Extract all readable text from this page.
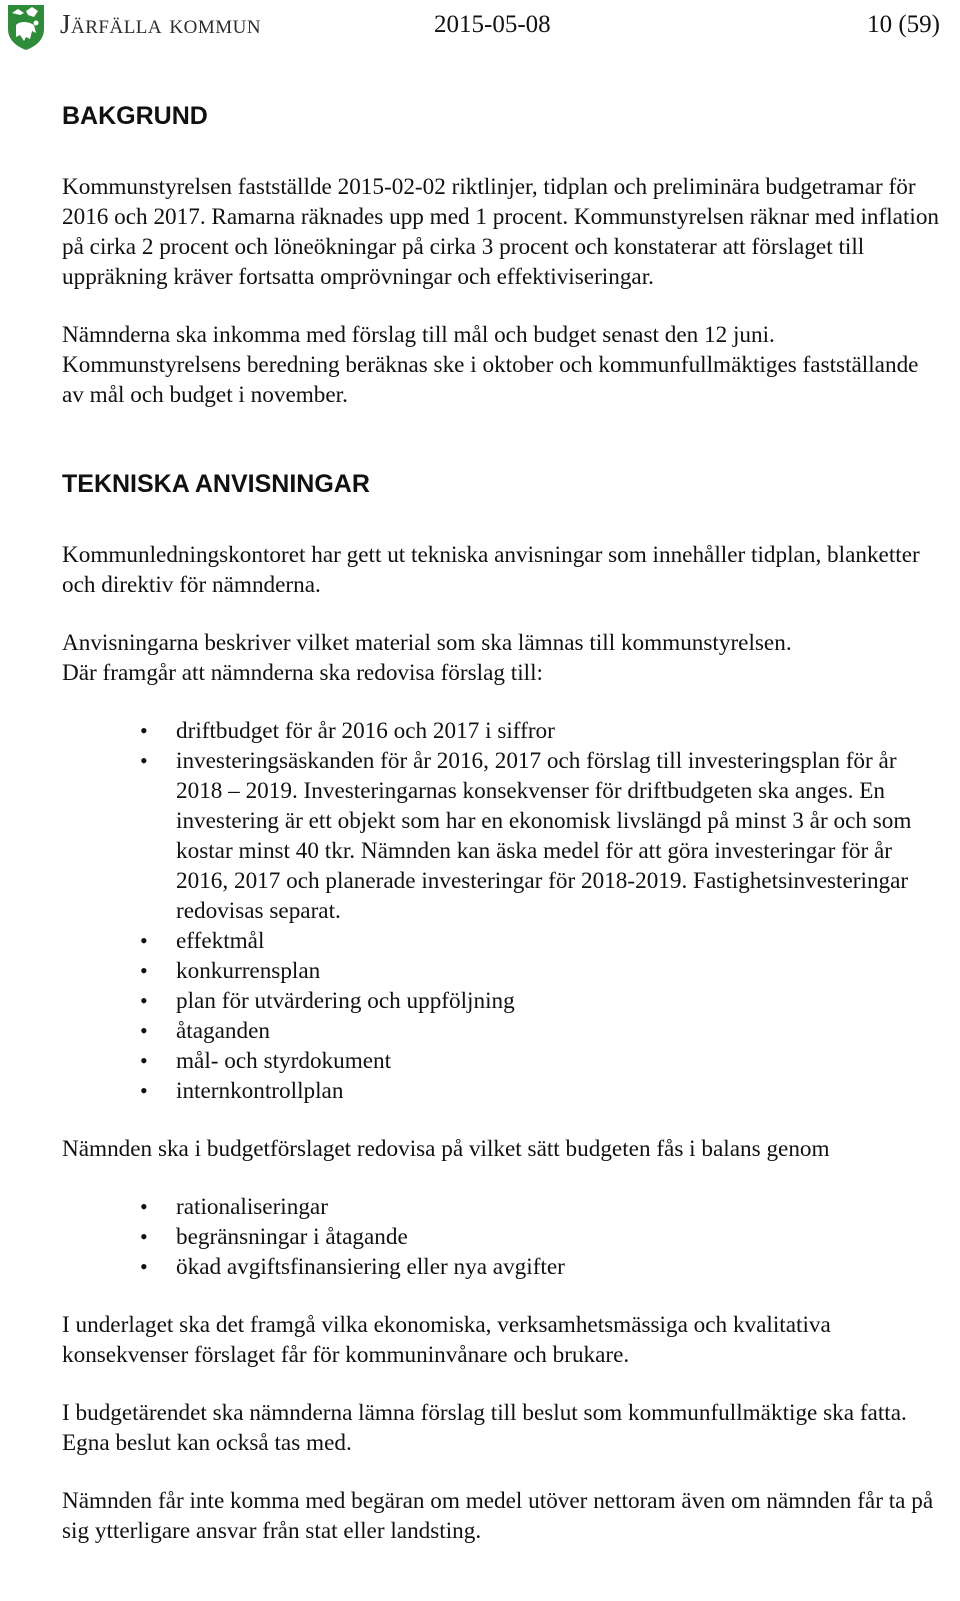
Järfälla kommun	2015-05-08	10 (59)
BAKGRUND

Kommunstyrelsen fastställde 2015-02-02 riktlinjer, tidplan och preliminära budgetramar för 2016 och 2017. Ramarna räknades upp med 1 procent. Kommunstyrelsen räknar med inflation på cirka 2 procent och löneökningar på cirka 3 procent och konstaterar att förslaget till uppräkning kräver fortsatta omprövningar och effektiviseringar.

Nämnderna ska inkomma med förslag till mål och budget senast den 12 juni. Kommunstyrelsens beredning beräknas ske i oktober och kommunfullmäktiges fastställande av mål och budget i november.

TEKNISKA ANVISNINGAR

Kommunledningskontoret har gett ut tekniska anvisningar som innehåller tidplan, blanketter och direktiv för nämnderna.

Anvisningarna beskriver vilket material som ska lämnas till kommunstyrelsen.

Där framgår att nämnderna ska redovisa förslag till:

• driftbudget för år 2016 och 2017 i siffror
• investeringsäskanden för år 2016, 2017 och förslag till investeringsplan för år 2018 – 2019. Investeringarnas konsekvenser för driftbudgeten ska anges. En investering är ett objekt som har en ekonomisk livslängd på minst 3 år och som kostar minst 40 tkr. Nämnden kan äska medel för att göra investeringar för år 2016, 2017 och planerade investeringar för 2018-2019. Fastighetsinvesteringar redovisas separat.
• effektmål
• konkurrensplan
• plan för utvärdering och uppföljning
• åtaganden
• mål- och styrdokument
• internkontrollplan

Nämnden ska i budgetförslaget redovisa på vilket sätt budgeten fås i balans genom

• rationaliseringar
• begränsningar i åtagande
• ökad avgiftsfinansiering eller nya avgifter

I underlaget ska det framgå vilka ekonomiska, verksamhetsmässiga och kvalitativa konsekvenser förslaget får för kommuninvånare och brukare.

I budgetärendet ska nämnderna lämna förslag till beslut som kommunfullmäktige ska fatta. Egna beslut kan också tas med.

Nämnden får inte komma med begäran om medel utöver nettoram även om nämnden får ta på sig ytterligare ansvar från stat eller landsting.
